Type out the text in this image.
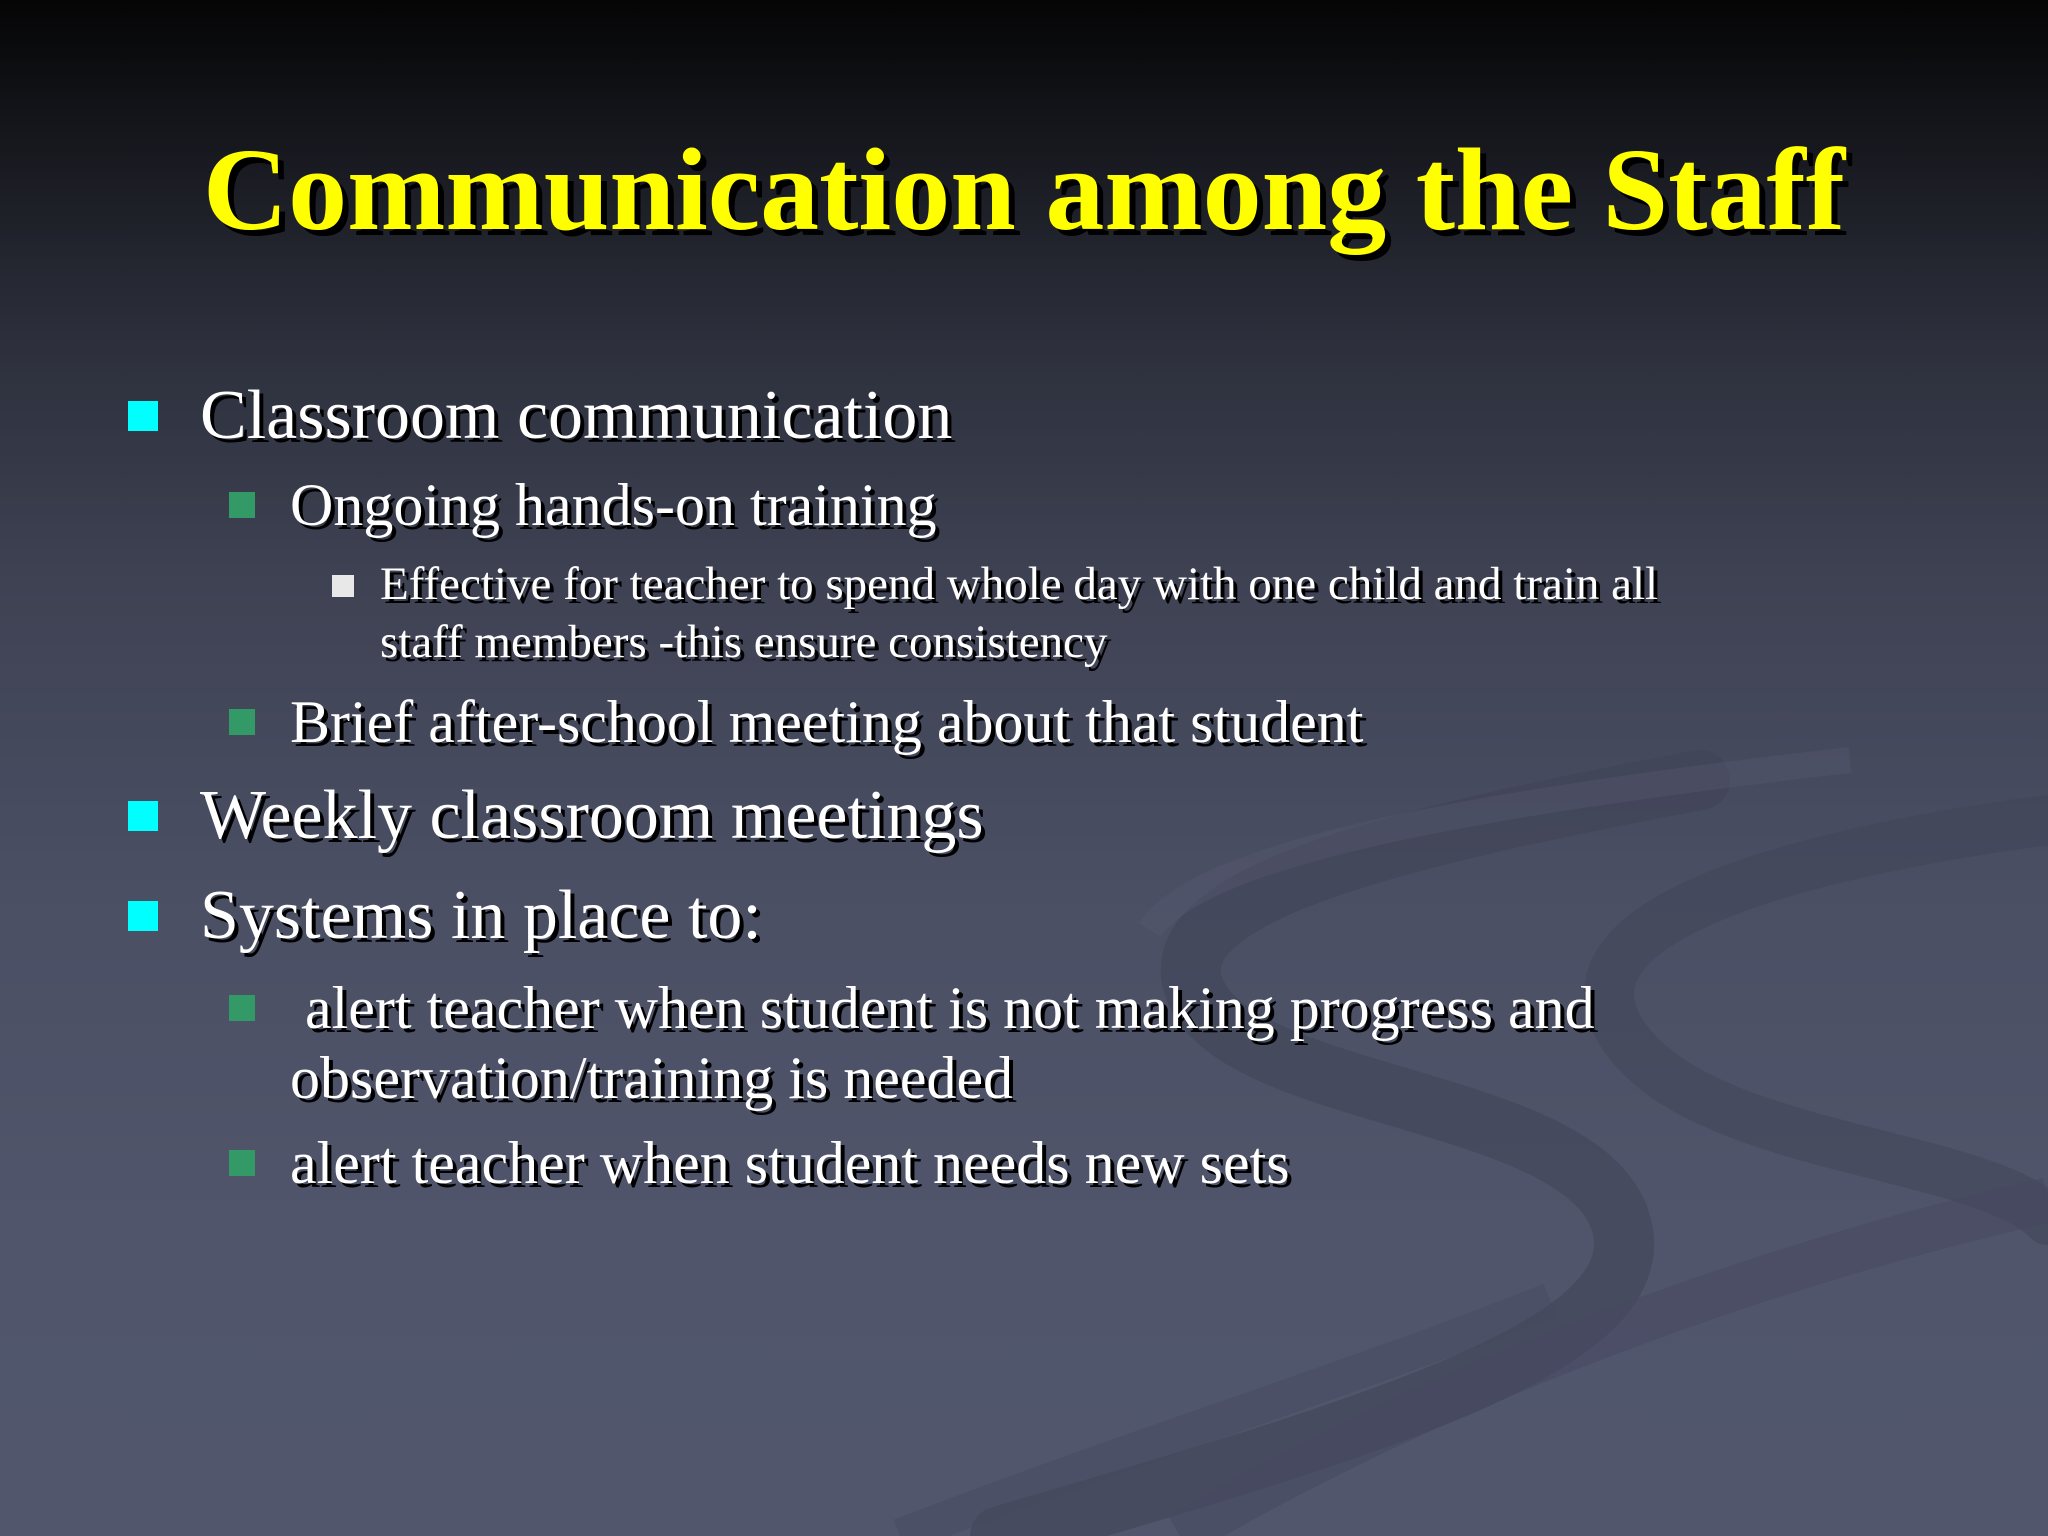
Communication among the Staff
Classroom communication
Ongoing hands-on training
Effective for teacher to spend whole day with one child and train all
staff members -this ensure consistency
Brief after-school meeting about that student
Weekly classroom meetings
Systems in place to:
alert teacher when student is not making progress and
observation/training is needed
alert teacher when student needs new sets
